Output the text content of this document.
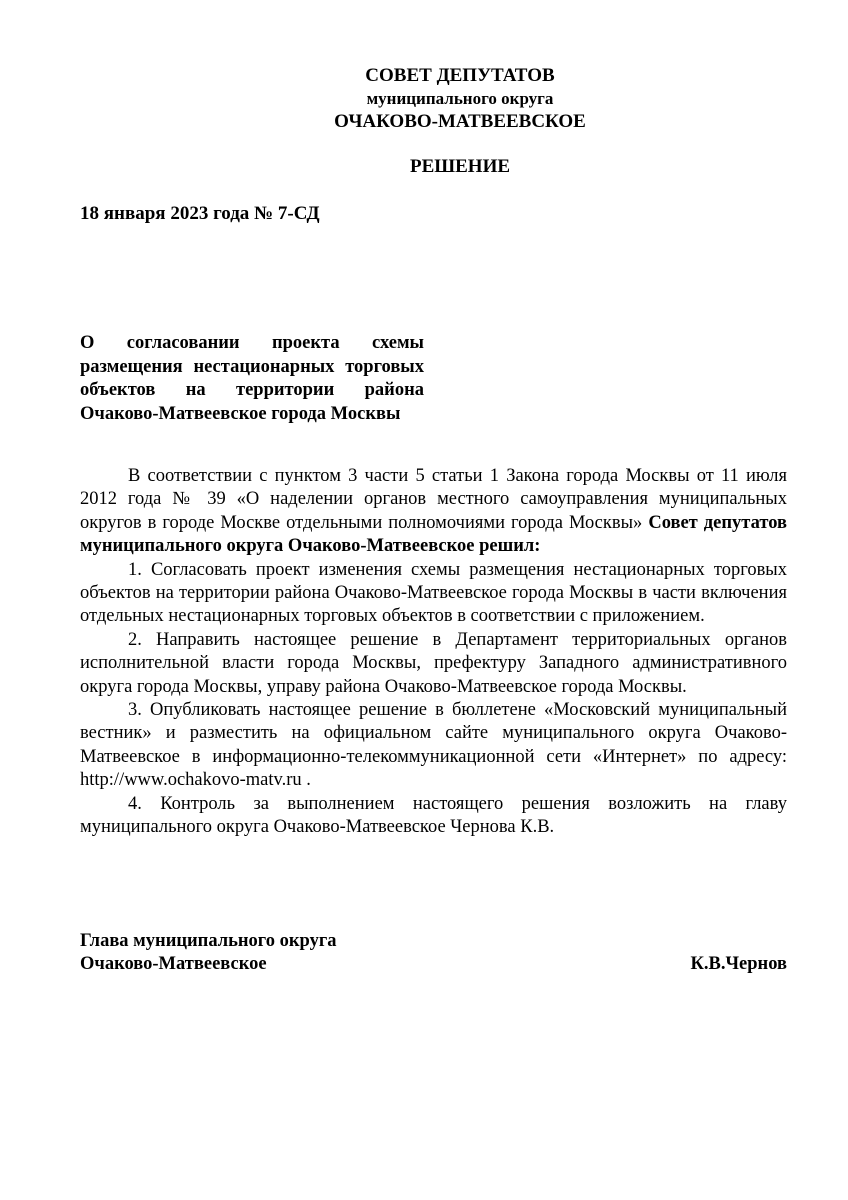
СОВЕТ ДЕПУТАТОВ
муниципального округа
ОЧАКОВО-МАТВЕЕВСКОЕ
РЕШЕНИЕ
18 января 2023 года № 7-СД
О согласовании проекта схемы размещения нестационарных торговых объектов на территории района Очаково-Матвеевское города Москвы

В соответствии с пунктом 3 части 5 статьи 1 Закона города Москвы от 11 июля 2012 года № 39 «О наделении органов местного самоуправления муниципальных округов в городе Москве отдельными полномочиями города Москвы» Совет депутатов муниципального округа Очаково-Матвеевское решил:

1. Согласовать проект изменения схемы размещения нестационарных торговых объектов на территории района Очаково-Матвеевское города Москвы в части включения отдельных нестационарных торговых объектов в соответствии с приложением.

2. Направить настоящее решение в Департамент территориальных органов исполнительной власти города Москвы, префектуру Западного административного округа города Москвы, управу района Очаково-Матвеевское города Москвы.

3. Опубликовать настоящее решение в бюллетене «Московский муниципальный вестник» и разместить на официальном сайте муниципального округа Очаково-Матвеевское в информационно-телекоммуникационной сети «Интернет» по адресу: http://www.ochakovo-matv.ru .

4. Контроль за выполнением настоящего решения возложить на главу муниципального округа Очаково-Матвеевское Чернова К.В.

Глава муниципального округа
Очаково-Матвеевское	К.В.Чернов
